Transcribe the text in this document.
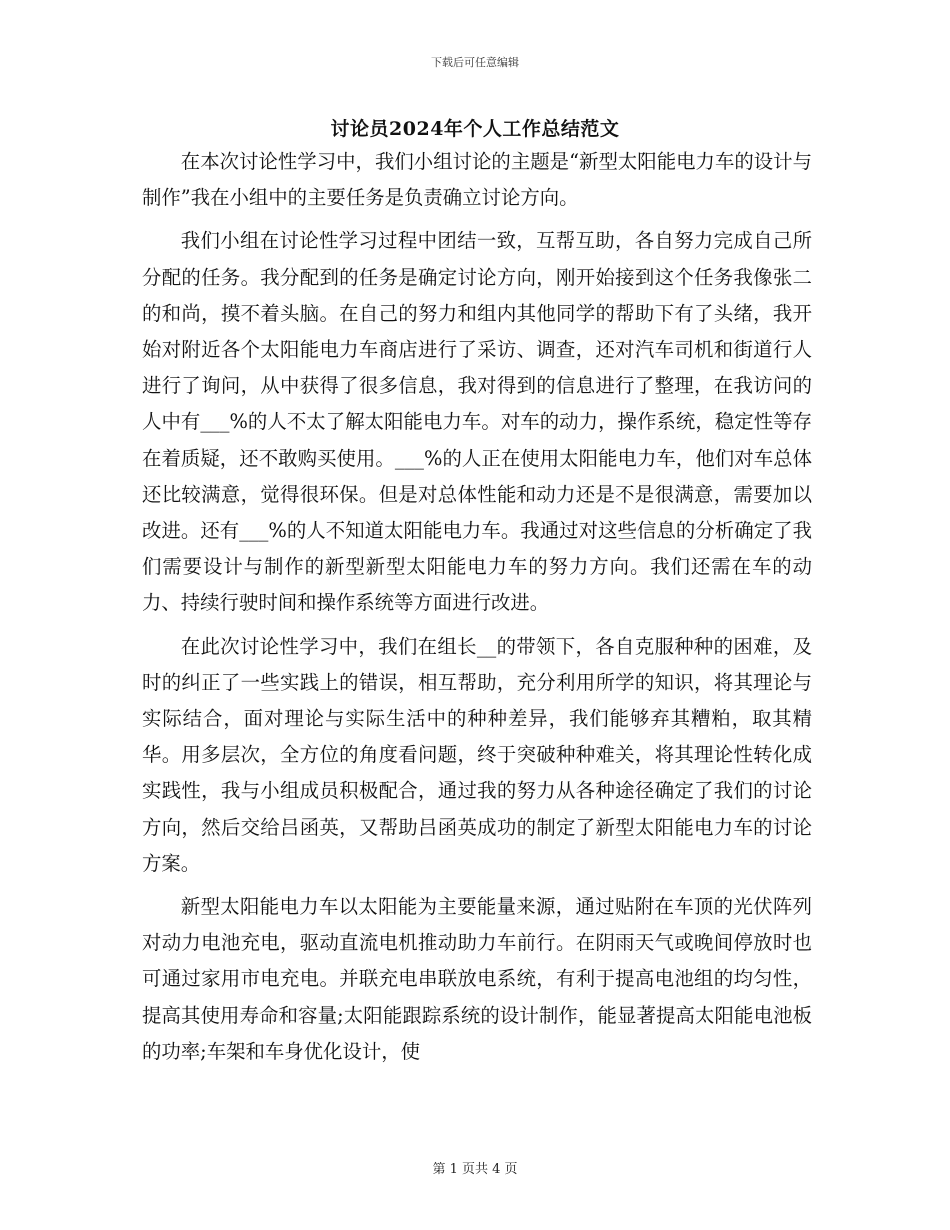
下载后可任意编辑
讨论员2024年个人工作总结范文

在本次讨论性学习中，我们小组讨论的主题是“新型太阳能电力车的设计与制作”我在小组中的主要任务是负责确立讨论方向。

我们小组在讨论性学习过程中团结一致，互帮互助，各自努力完成自己所分配的任务。我分配到的任务是确定讨论方向，刚开始接到这个任务我像张二的和尚，摸不着头脑。在自己的努力和组内其他同学的帮助下有了头绪，我开始对附近各个太阳能电力车商店进行了采访、调查，还对汽车司机和街道行人进行了询问，从中获得了很多信息，我对得到的信息进行了整理，在我访问的人中有___%的人不太了解太阳能电力车。对车的动力，操作系统，稳定性等存在着质疑，还不敢购买使用。___%的人正在使用太阳能电力车，他们对车总体还比较满意，觉得很环保。但是对总体性能和动力还是不是很满意，需要加以改进。还有___%的人不知道太阳能电力车。我通过对这些信息的分析确定了我们需要设计与制作的新型新型太阳能电力车的努力方向。我们还需在车的动力、持续行驶时间和操作系统等方面进行改进。

在此次讨论性学习中，我们在组长__的带领下，各自克服种种的困难，及时的纠正了一些实践上的错误，相互帮助，充分利用所学的知识，将其理论与实际结合，面对理论与实际生活中的种种差异，我们能够弃其糟粕，取其精华。用多层次，全方位的角度看问题，终于突破种种难关，将其理论性转化成实践性，我与小组成员积极配合，通过我的努力从各种途径确定了我们的讨论方向，然后交给吕函英，又帮助吕函英成功的制定了新型太阳能电力车的讨论方案。

新型太阳能电力车以太阳能为主要能量来源，通过贴附在车顶的光伏阵列对动力电池充电，驱动直流电机推动助力车前行。在阴雨天气或晚间停放时也可通过家用市电充电。并联充电串联放电系统，有利于提高电池组的均匀性，提高其使用寿命和容量;太阳能跟踪系统的设计制作，能显著提高太阳能电池板的功率;车架和车身优化设计，使

第 1 页共 4 页
